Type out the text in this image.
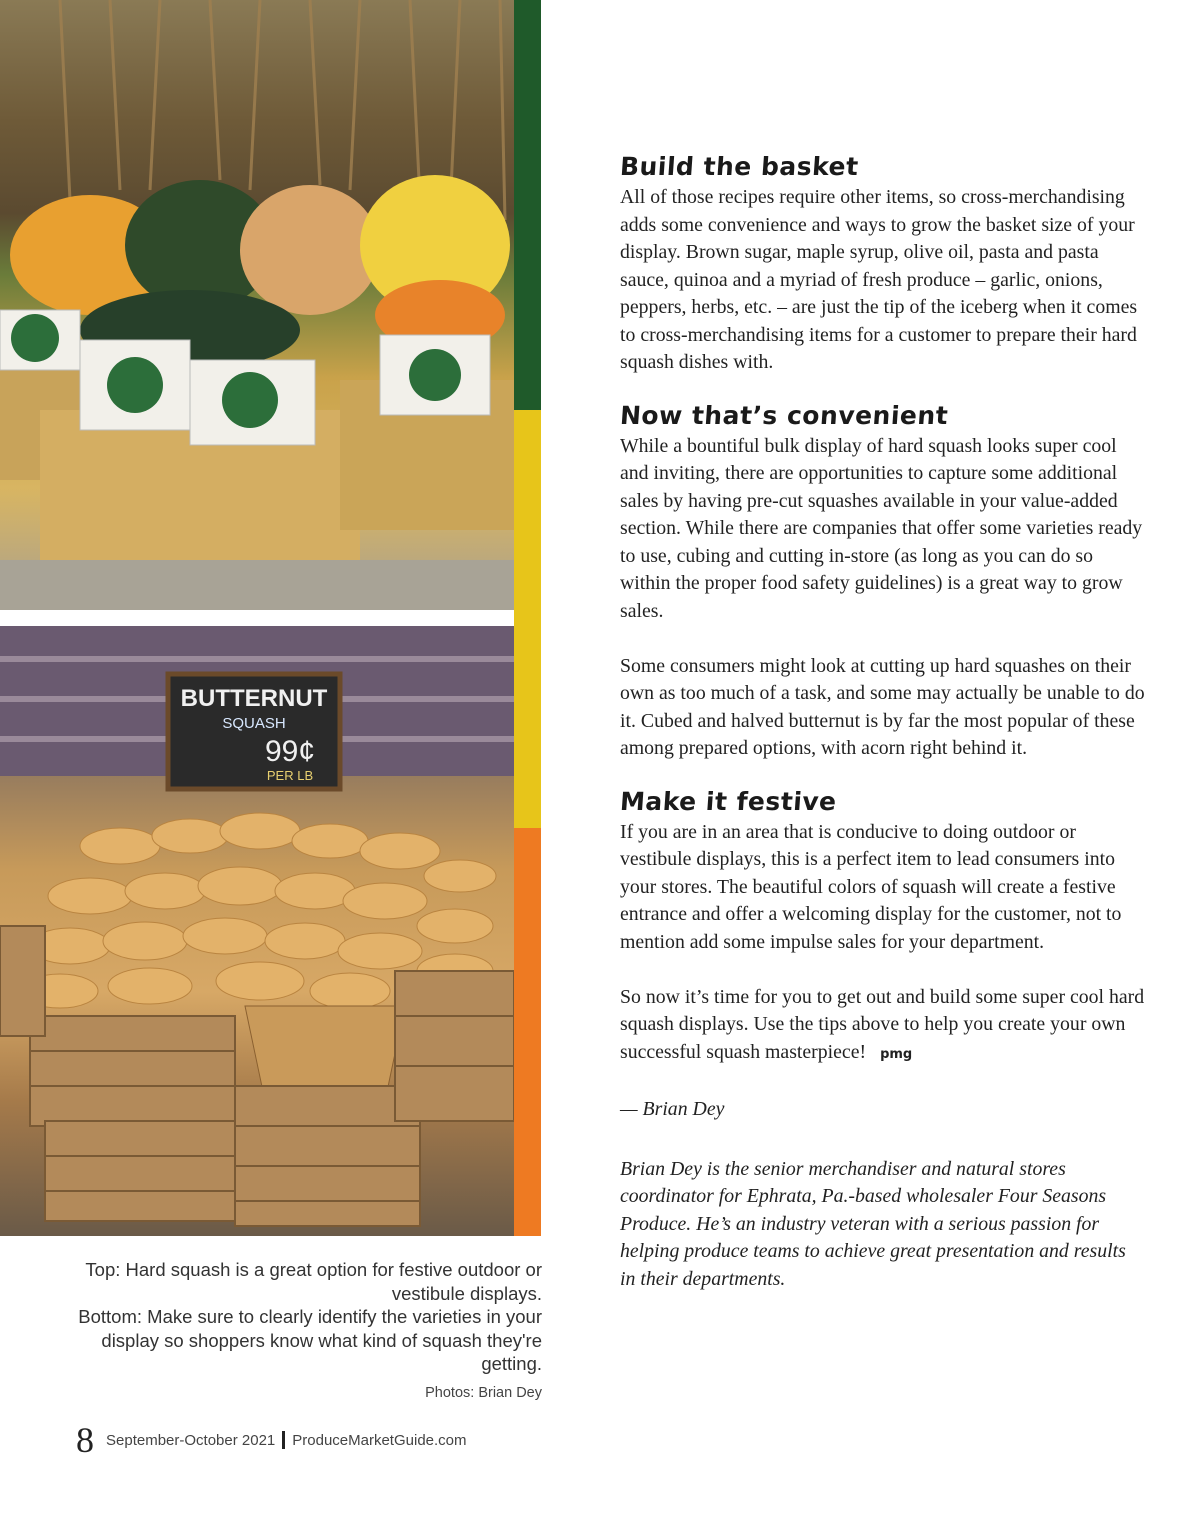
BUTTERNUT
SQUASH
99¢
PER LB

Top: Hard squash is a great option for festive outdoor or vestibule displays.

Bottom: Make sure to clearly identify the varieties in your display so shoppers know what kind of squash they're getting.

Photos: Brian Dey
8 September-October 2021 ProduceMarketGuide.com
Build the basket

All of those recipes require other items, so cross-merchandising adds some convenience and ways to grow the basket size of your display. Brown sugar, maple syrup, olive oil, pasta and pasta sauce, quinoa and a myriad of fresh produce – garlic, onions, peppers, herbs, etc. – are just the tip of the iceberg when it comes to cross-merchandising items for a customer to prepare their hard squash dishes with.

Now that’s convenient

While a bountiful bulk display of hard squash looks super cool and inviting, there are opportunities to capture some additional sales by having pre-cut squashes available in your value-added section. While there are companies that offer some varieties ready to use, cubing and cutting in-store (as long as you can do so within the proper food safety guidelines) is a great way to grow sales.

Some consumers might look at cutting up hard squashes on their own as too much of a task, and some may actually be unable to do it. Cubed and halved butternut is by far the most popular of these among prepared options, with acorn right behind it.

Make it festive

If you are in an area that is conducive to doing outdoor or vestibule displays, this is a perfect item to lead consumers into your stores. The beautiful colors of squash will create a festive entrance and offer a welcoming display for the customer, not to mention add some impulse sales for your department.

So now it’s time for you to get out and build some super cool hard squash displays. Use the tips above to help you create your own successful squash masterpiece! pmg

— Brian Dey

Brian Dey is the senior merchandiser and natural stores coordinator for Ephrata, Pa.-based wholesaler Four Seasons Produce. He’s an industry veteran with a serious passion for helping produce teams to achieve great presentation and results in their departments.
